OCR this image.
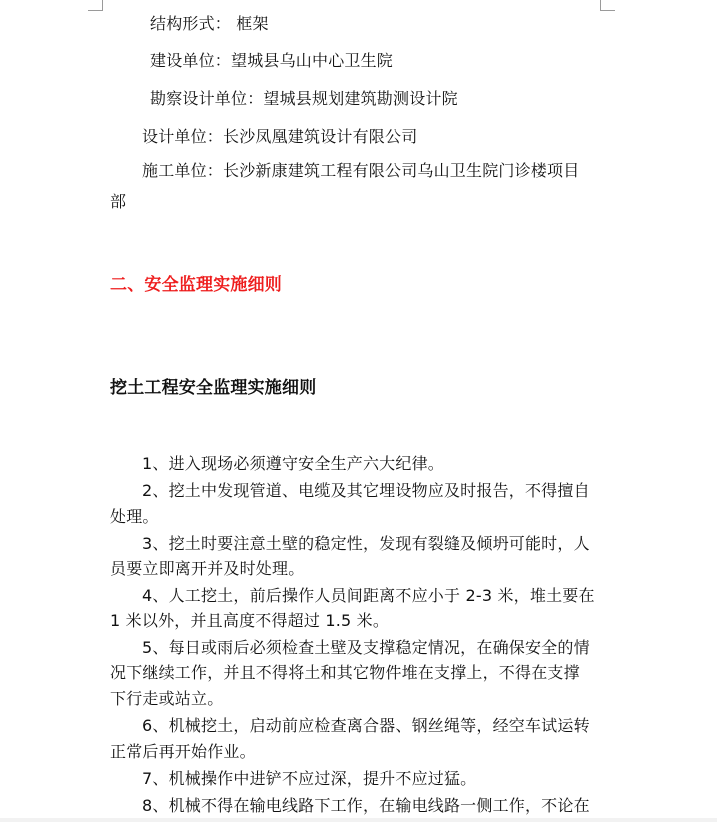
结构形式： 框架
建设单位：望城县乌山中心卫生院
勘察设计单位：望城县规划建筑勘测设计院
设计单位：长沙凤凰建筑设计有限公司
施工单位：长沙新康建筑工程有限公司乌山卫生院门诊楼项目
部
二、安全监理实施细则
挖土工程安全监理实施细则
1、进入现场必须遵守安全生产六大纪律。
2、挖土中发现管道、电缆及其它埋设物应及时报告，不得擅自
处理。
3、挖土时要注意土壁的稳定性，发现有裂缝及倾坍可能时，人
员要立即离开并及时处理。
4、人工挖土，前后操作人员间距离不应小于 2-3 米，堆土要在
1 米以外，并且高度不得超过 1.5 米。
5、每日或雨后必须检查土壁及支撑稳定情况，在确保安全的情
况下继续工作，并且不得将土和其它物件堆在支撑上，不得在支撑
下行走或站立。
6、机械挖土，启动前应检查离合器、钢丝绳等，经空车试运转
正常后再开始作业。
7、机械操作中进铲不应过深，提升不应过猛。
8、机械不得在输电线路下工作，在输电线路一侧工作，不论在
